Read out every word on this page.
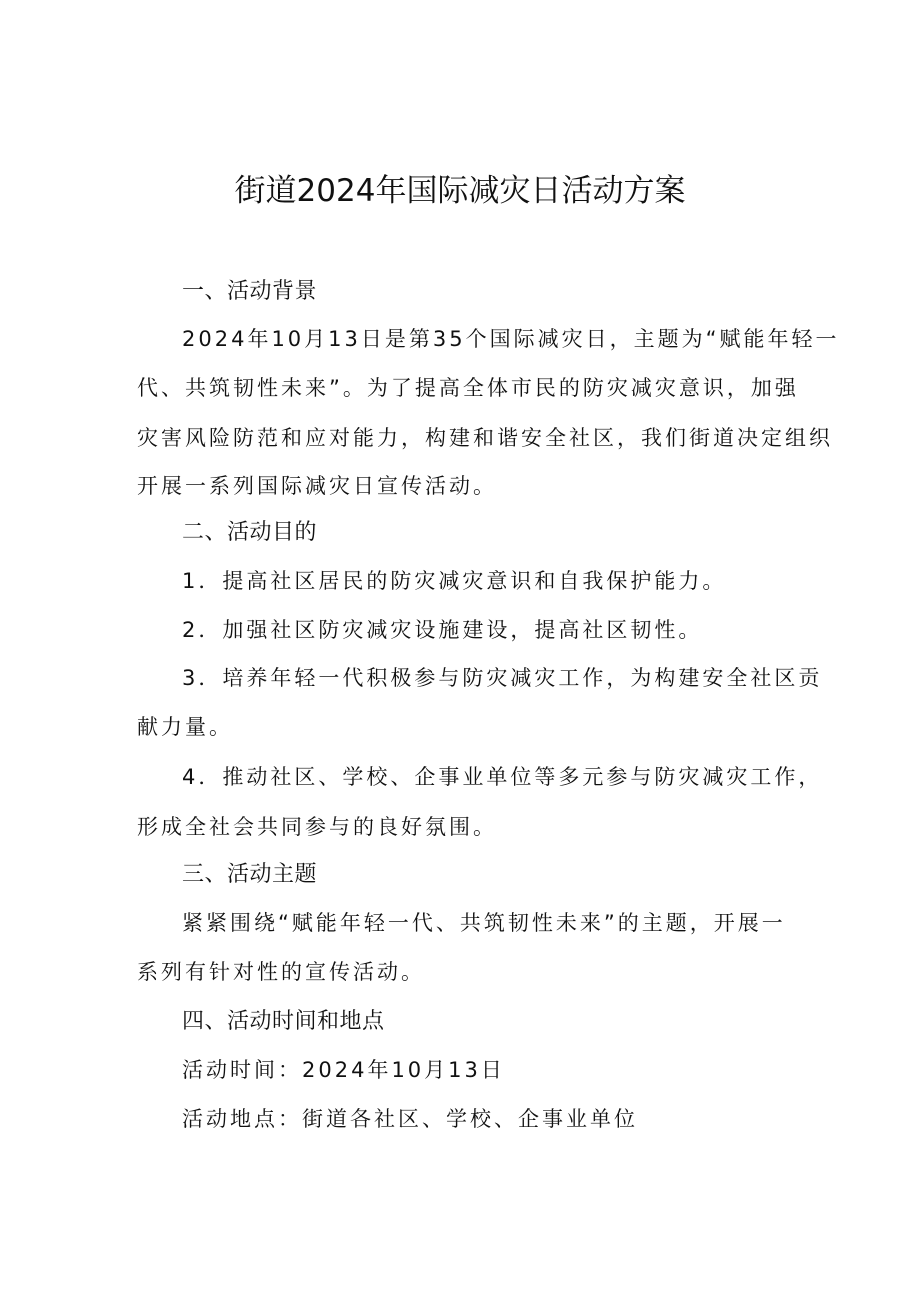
街道2024年国际减灾日活动方案

一、活动背景

2024年10月13日是第35个国际减灾日，主题为“赋能年轻一

代、共筑韧性未来”。为了提高全体市民的防灾减灾意识，加强

灾害风险防范和应对能力，构建和谐安全社区，我们街道决定组织

开展一系列国际减灾日宣传活动。

二、活动目的

1．提高社区居民的防灾减灾意识和自我保护能力。

2．加强社区防灾减灾设施建设，提高社区韧性。

3．培养年轻一代积极参与防灾减灾工作，为构建安全社区贡

献力量。

4．推动社区、学校、企事业单位等多元参与防灾减灾工作，

形成全社会共同参与的良好氛围。

三、活动主题

紧紧围绕“赋能年轻一代、共筑韧性未来”的主题，开展一

系列有针对性的宣传活动。

四、活动时间和地点

活动时间：2024年10月13日

活动地点：街道各社区、学校、企事业单位
